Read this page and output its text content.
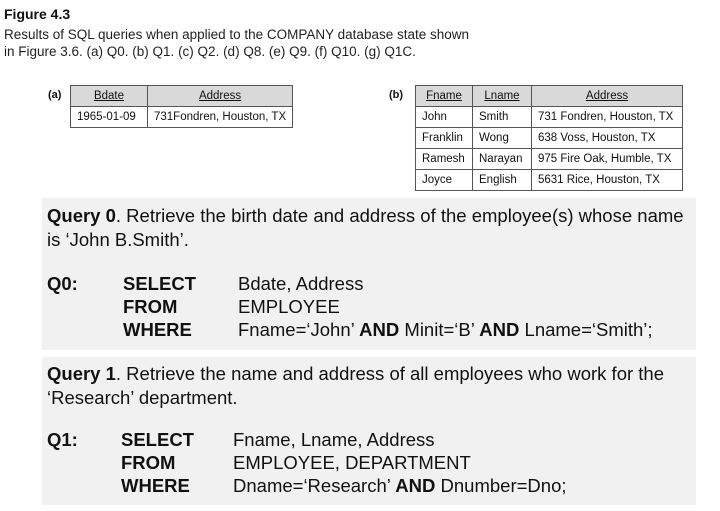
Figure 4.3
Results of SQL queries when applied to the COMPANY database state shown
in Figure 3.6. (a) Q0. (b) Q1. (c) Q2. (d) Q8. (e) Q9. (f) Q10. (g) Q1C.
(a)	Bdate	Address
1965-01-09	731Fondren, Houston, TX
(b) Fname	Lname	Address
John	Smith	731 Fondren, Houston, TX
Franklin	Wong	638 Voss, Houston, TX
Ramesh	Narayan	975 Fire Oak, Humble, TX
Joyce	English	5631 Rice, Houston, TX
Query 0. Retrieve the birth date and address of the employee(s) whose name is ‘John B.Smith’.
Q0: SELECT Bdate, Address
FROM	EMPLOYEE
WHERE Fname=‘John’ AND Minit=‘B’ AND Lname=‘Smith’;
Query 1. Retrieve the name and address of all employees who work for the ‘Research’ department.
Q1: SELECT Fname, Lname, Address
FROM	EMPLOYEE, DEPARTMENT
WHERE Dname=‘Research’ AND Dnumber=Dno;
